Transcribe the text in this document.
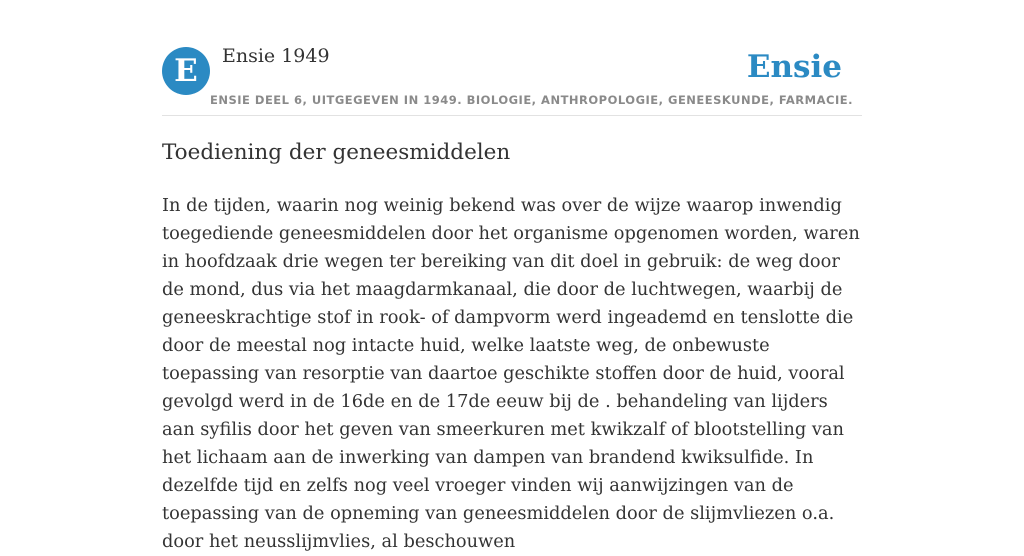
E	Ensie 1949	Ensie
ENSIE DEEL 6, UITGEGEVEN IN 1949. BIOLOGIE, ANTHROPOLOGIE, GENEESKUNDE, FARMACIE.
Toediening der geneesmiddelen

In de tijden, waarin nog weinig bekend was over de wijze waarop inwendig toegediende geneesmiddelen door het organisme opgenomen worden, waren in hoofdzaak drie wegen ter bereiking van dit doel in gebruik: de weg door de mond, dus via het maagdarmkanaal, die door de luchtwegen, waarbij de geneeskrachtige stof in rook- of dampvorm werd ingeademd en tenslotte die door de meestal nog intacte huid, welke laatste weg, de onbewuste toepassing van resorptie van daartoe geschikte stoffen door de huid, vooral gevolgd werd in de 16de en de 17de eeuw bij de . behandeling van lijders aan syfilis door het geven van smeerkuren met kwikzalf of blootstelling van het lichaam aan de inwerking van dampen van brandend kwiksulfide. In dezelfde tijd en zelfs nog veel vroeger vinden wij aanwijzingen van de toepassing van de opneming van geneesmiddelen door de slijmvliezen o.a. door het neusslijmvlies, al beschouwen
